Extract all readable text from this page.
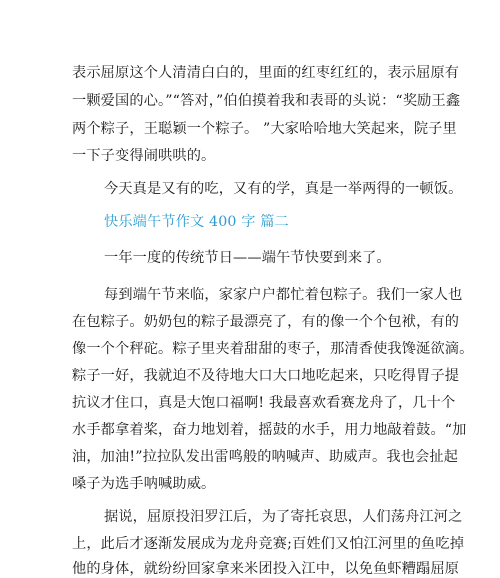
表示屈原这个人清清白白的，里面的红枣红红的，表示屈原有
一颗爱国的心。”“答对，”伯伯摸着我和表哥的头说：“奖励王鑫
两个粽子，王聪颖一个粽子。 ”大家哈哈地大笑起来，院子里
一下子变得闹哄哄的。
今天真是又有的吃，又有的学，真是一举两得的一顿饭。
快乐端午节作文 400 字 篇二
一年一度的传统节日——端午节快要到来了。
每到端午节来临，家家户户都忙着包粽子。我们一家人也
在包粽子。奶奶包的粽子最漂亮了，有的像一个个包袱，有的
像一个个秤砣。粽子里夹着甜甜的枣子，那清香使我馋涎欲滴。
粽子一好，我就迫不及待地大口大口地吃起来，只吃得胃子提
抗议才住口，真是大饱口福啊! 我最喜欢看赛龙舟了，几十个
水手都拿着桨，奋力地划着，摇鼓的水手，用力地敲着鼓。“加
油，加油!”拉拉队发出雷鸣般的呐喊声、助威声。我也会扯起
嗓子为选手呐喊助威。
据说，屈原投汨罗江后，为了寄托哀思，人们荡舟江河之
上，此后才逐渐发展成为龙舟竞赛;百姓们又怕江河里的鱼吃掉
他的身体，就纷纷回家拿来米团投入江中，以免鱼虾糟蹋屈原
